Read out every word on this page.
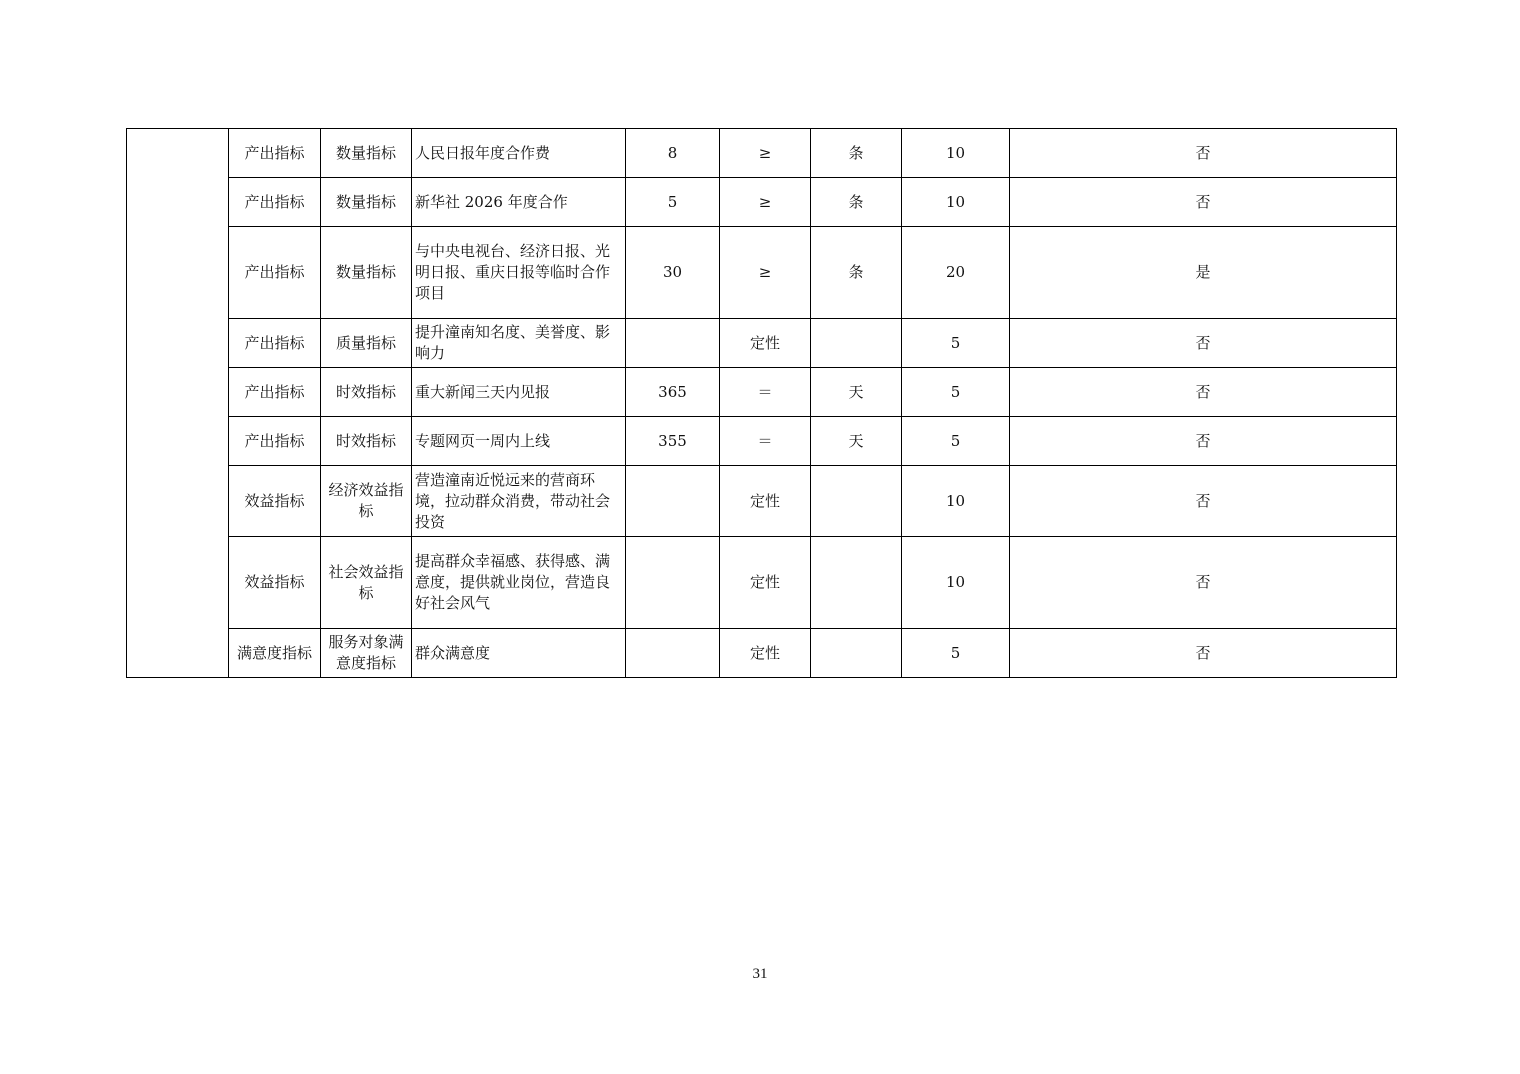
	产出指标	数量指标	人民日报年度合作费	8	≥	条	10	否
	产出指标	数量指标	新华社 2026 年度合作	5	≥	条	10	否
	产出指标	数量指标	与中央电视台、经济日报、光明日报、重庆日报等临时合作项目	30	≥	条	20	是
	产出指标	质量指标	提升潼南知名度、美誉度、影响力		定性		5	否
	产出指标	时效指标	重大新闻三天内见报	365	＝	天	5	否
	产出指标	时效指标	专题网页一周内上线	355	＝	天	5	否
	效益指标	经济效益指标	营造潼南近悦远来的营商环境，拉动群众消费，带动社会投资		定性		10	否
	效益指标	社会效益指标	提高群众幸福感、获得感、满意度，提供就业岗位，营造良好社会风气		定性		10	否
	满意度指标	服务对象满意度指标	群众满意度		定性		5	否
31
